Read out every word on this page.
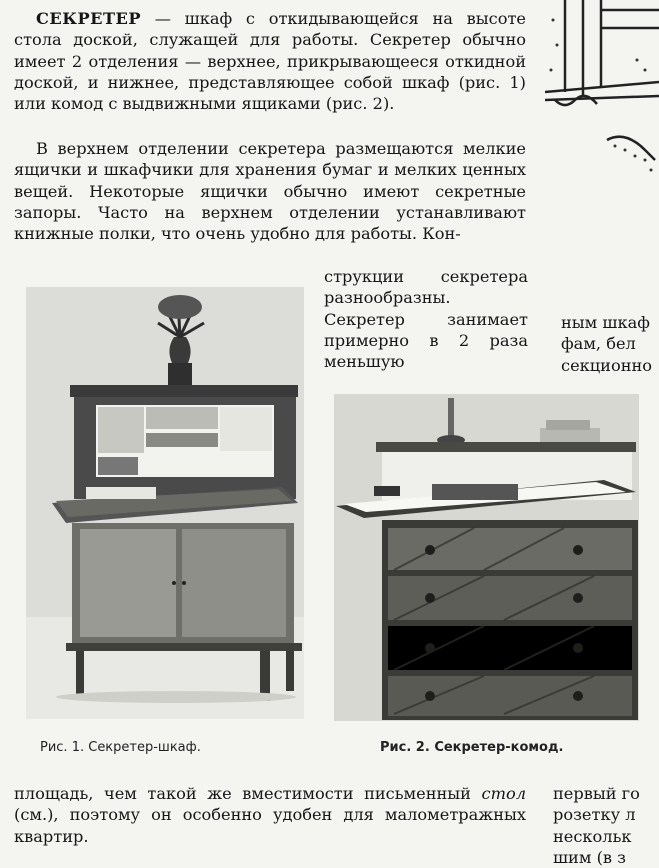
СЕКРЕТЕР — шкаф с откидывающейся на высоте стола доской, служащей для работы. Секретер обычно имеет 2 отделения — верхнее, прикрывающееся откидной доской, и нижнее, представляющее собой шкаф (рис. 1) или комод с выдвижными ящиками (рис. 2).

В верхнем отделении секретера размещаются мелкие ящички и шкафчики для хранения бумаг и мелких ценных вещей. Некоторые ящички обычно имеют секретные запоры. Часто на верхнем отделении устанавливают книжные полки, что очень удобно для работы. Кон-

струкции секретера разнообразны. Секретер занимает примерно в 2 раза меньшую

ным шкаф
фам, бел
секционно
Рис. 1. Секретер-шкаф.	Рис. 2. Секретер-комод.

площадь, чем такой же вместимости письменный стол (см.), поэтому он особенно удобен для малометражных квартир.

первый го
розетку л
нескольк
шим (в з
